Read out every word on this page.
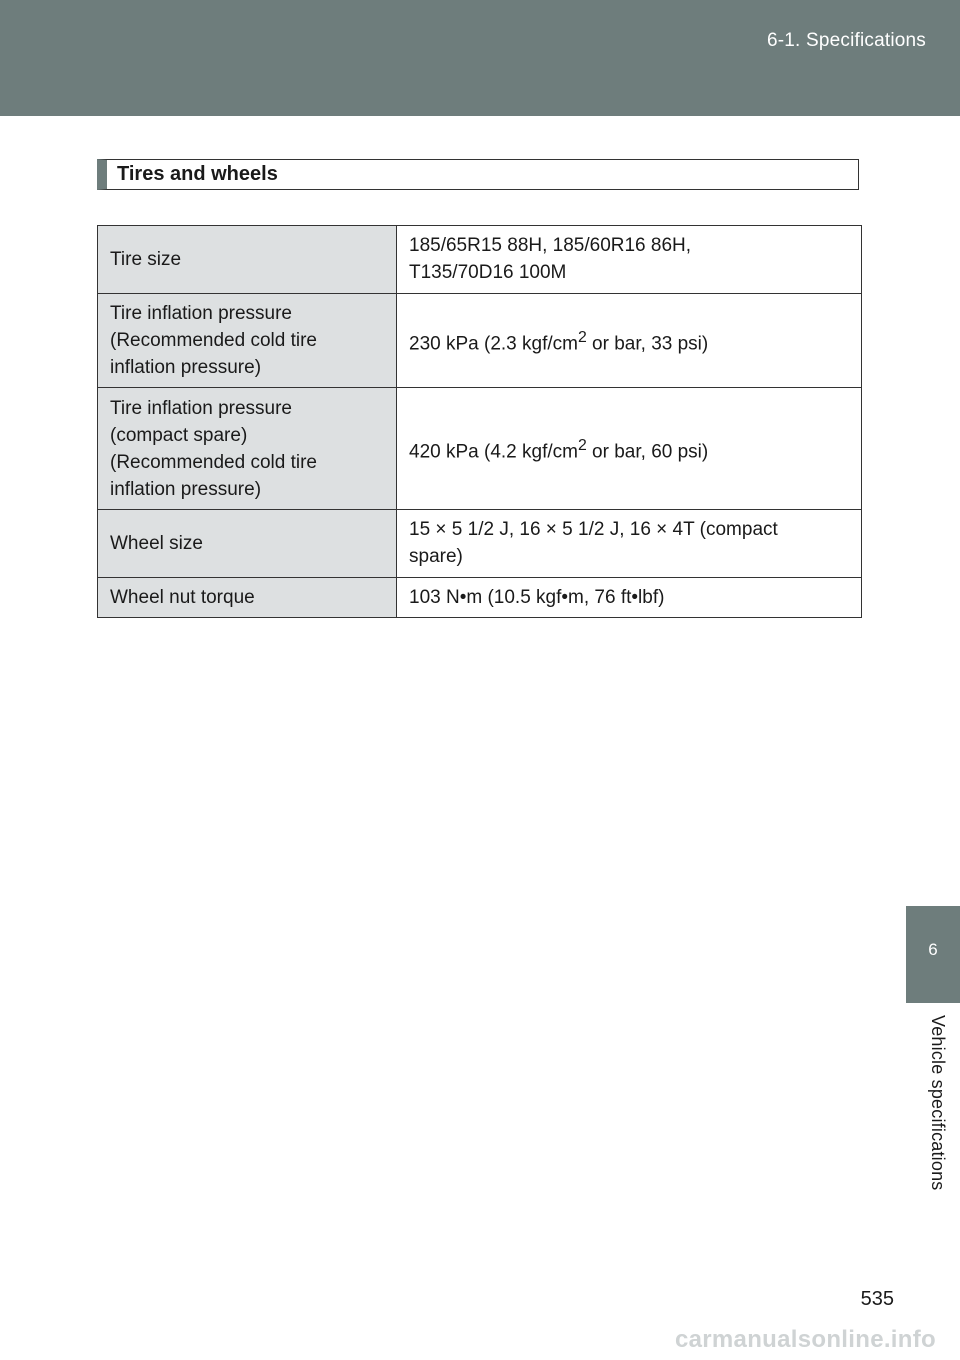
6-1. Specifications
6
Vehicle specifications
Tires and wheels
Tire size	185/65R15 88H, 185/60R16 86H,
T135/70D16 100M

Tire inflation pressure
(Recommended cold tire
inflation pressure)	230 kPa (2.3 kgf/$cm^2$ or bar, 33 psi)

Tire inflation pressure
(compact spare)
(Recommended cold tire
inflation pressure)	420 kPa (4.2 kgf/$cm^2$ or bar, 60 psi)
Wheel size	15 × 5 1/2 J, 16 × 5 1/2 J, 16 × 4T (compact
spare)

Wheel nut torque	103 N•m (10.5 kgf•m, 76 ft•lbf)
535
carmanualsonline.info
